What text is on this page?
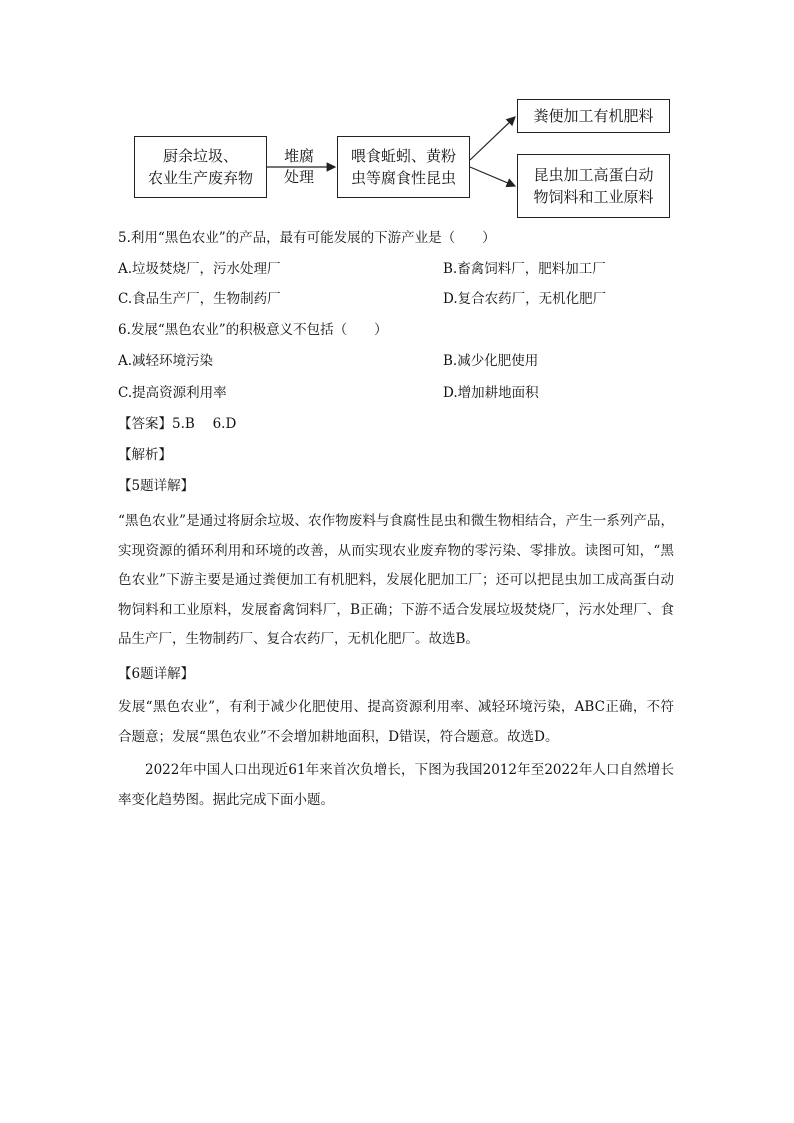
厨余垃圾、
农业生产废弃物
堆腐
处理
喂食蚯蚓、黄粉
虫等腐食性昆虫
粪便加工有机肥料
昆虫加工高蛋白动
物饲料和工业原料
5.利用“黑色农业”的产品，最有可能发展的下游产业是（　　）
A.垃圾焚烧厂，污水处理厂	B.畜禽饲料厂，肥料加工厂
C.食品生产厂，生物制药厂	D.复合农药厂，无机化肥厂
6.发展“黑色农业”的积极意义不包括（　　）
A.减轻环境污染	B.减少化肥使用
C.提高资源利用率	D.增加耕地面积
【答案】5.B　 6.D
【解析】
【5题详解】
“黑色农业”是通过将厨余垃圾、农作物废料与食腐性昆虫和微生物相结合，产生一系列产品，实现资源的循环利用和环境的改善，从而实现农业废弃物的零污染、零排放。读图可知，“黑色农业”下游主要是通过粪便加工有机肥料，发展化肥加工厂；还可以把昆虫加工成高蛋白动物饲料和工业原料，发展畜禽饲料厂，B正确；下游不适合发展垃圾焚烧厂，污水处理厂、食品生产厂，生物制药厂、复合农药厂，无机化肥厂。故选B。
【6题详解】
发展“黑色农业”，有利于减少化肥使用、提高资源利用率、减轻环境污染，ABC正确，不符合题意；发展“黑色农业”不会增加耕地面积，D错误，符合题意。故选D。
2022年中国人口出现近61年来首次负增长，下图为我国2012年至2022年人口自然增长率变化趋势图。据此完成下面小题。
